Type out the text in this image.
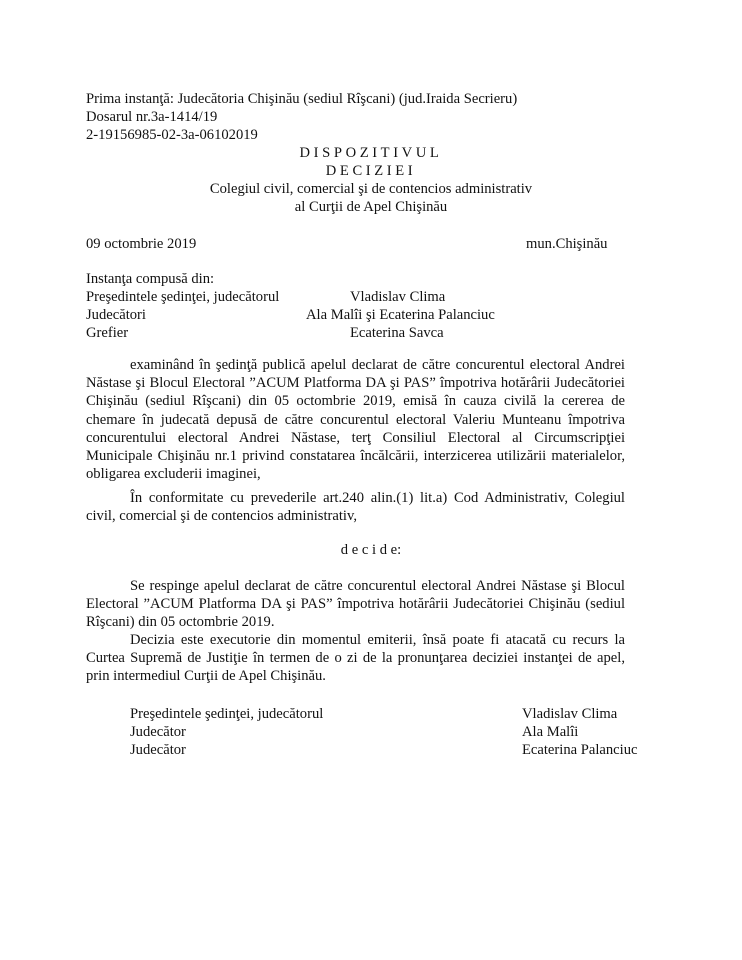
Prima instanţă: Judecătoria Chişinău (sediul Rîşcani) (jud.Iraida Secrieru)
Dosarul nr.3a-1414/19
2-19156985-02-3a-06102019
DISPOZITIVUL
DECIZIEI
Colegiul civil, comercial şi de contencios administrativ
al Curţii de Apel Chişinău
09 octombrie 2019	mun.Chişinău
Instanţa compusă din:
Preşedintele şedinţei, judecătorul	Vladislav Clima
Judecători	Ala Malîi şi Ecaterina Palanciuc
Grefier	Ecaterina Savca
examinând în şedinţă publică apelul declarat de către concurentul electoral Andrei Năstase şi Blocul Electoral ”ACUM Platforma DA şi PAS” împotriva hotărârii Judecătoriei Chişinău (sediul Rîşcani) din 05 octombrie 2019, emisă în cauza civilă la cererea de chemare în judecată depusă de către concurentul electoral Valeriu Munteanu împotriva concurentului electoral Andrei Năstase, terţ Consiliul Electoral al Circumscripţiei Municipale Chişinău nr.1 privind constatarea încălcării, interzicerea utilizării materialelor, obligarea excluderii imaginei,
În conformitate cu prevederile art.240 alin.(1) lit.a) Cod Administrativ, Colegiul civil, comercial şi de contencios administrativ,
d e c i d e:
Se respinge apelul declarat de către concurentul electoral Andrei Năstase şi Blocul Electoral ”ACUM Platforma DA şi PAS” împotriva hotărârii Judecătoriei Chişinău (sediul Rîşcani) din 05 octombrie 2019.
Decizia este executorie din momentul emiterii, însă poate fi atacată cu recurs la Curtea Supremă de Justiţie în termen de o zi de la pronunţarea deciziei instanţei de apel, prin intermediul Curţii de Apel Chişinău.
Preşedintele şedinţei, judecătorul	Vladislav Clima
Judecător	Ala Malîi
Judecător	Ecaterina Palanciuc
